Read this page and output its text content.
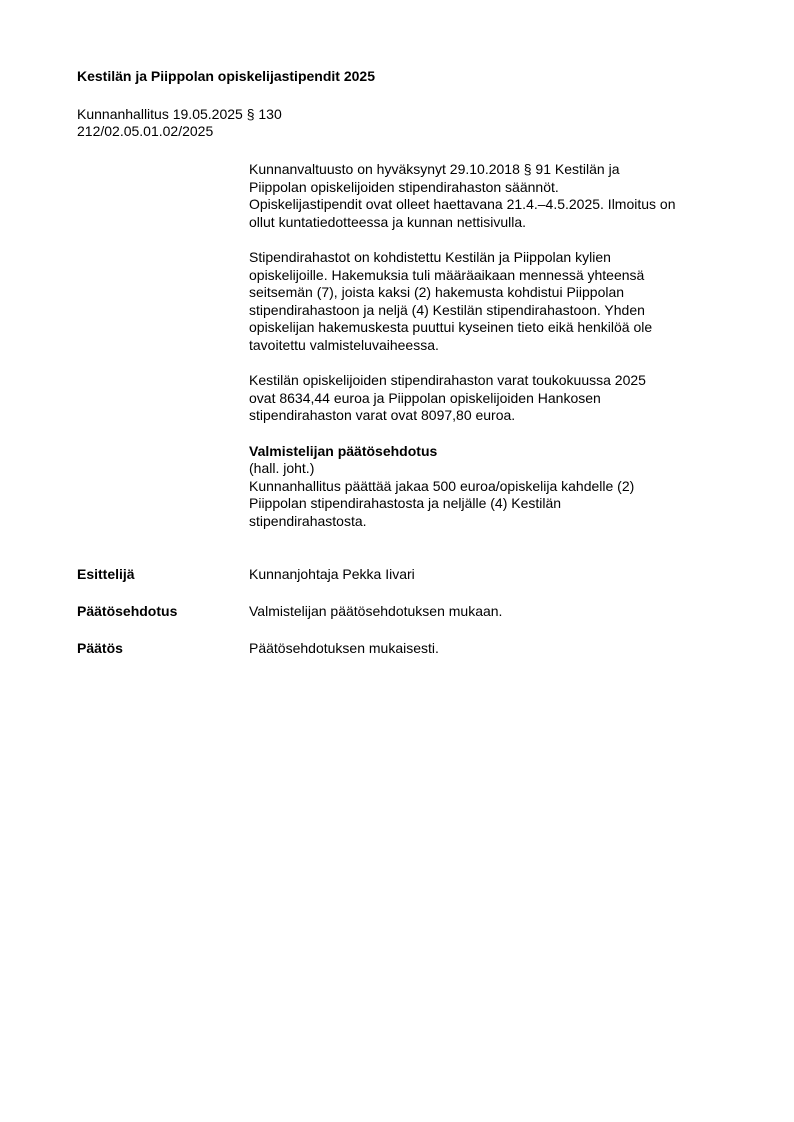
Kestilän ja Piippolan opiskelijastipendit 2025
Kunnanhallitus 19.05.2025 § 130
212/02.05.01.02/2025
Kunnanvaltuusto on hyväksynyt 29.10.2018 § 91 Kestilän ja
Piippolan opiskelijoiden stipendirahaston säännöt.
Opiskelijastipendit ovat olleet haettavana 21.4.–4.5.2025. Ilmoitus on
ollut kuntatiedotteessa ja kunnan nettisivulla.
Stipendirahastot on kohdistettu Kestilän ja Piippolan kylien
opiskelijoille. Hakemuksia tuli määräaikaan mennessä yhteensä
seitsemän (7), joista kaksi (2) hakemusta kohdistui Piippolan
stipendirahastoon ja neljä (4) Kestilän stipendirahastoon. Yhden
opiskelijan hakemuskesta puuttui kyseinen tieto eikä henkilöä ole
tavoitettu valmisteluvaiheessa.
Kestilän opiskelijoiden stipendirahaston varat toukokuussa 2025
ovat 8634,44 euroa ja Piippolan opiskelijoiden Hankosen
stipendirahaston varat ovat 8097,80 euroa.
Valmistelijan päätösehdotus
(hall. joht.)
Kunnanhallitus päättää jakaa 500 euroa/opiskelija kahdelle (2)
Piippolan stipendirahastosta ja neljälle (4) Kestilän
stipendirahastosta.
Esittelijä	Kunnanjohtaja Pekka Iivari
Päätösehdotus	Valmistelijan päätösehdotuksen mukaan.
Päätös	Päätösehdotuksen mukaisesti.
